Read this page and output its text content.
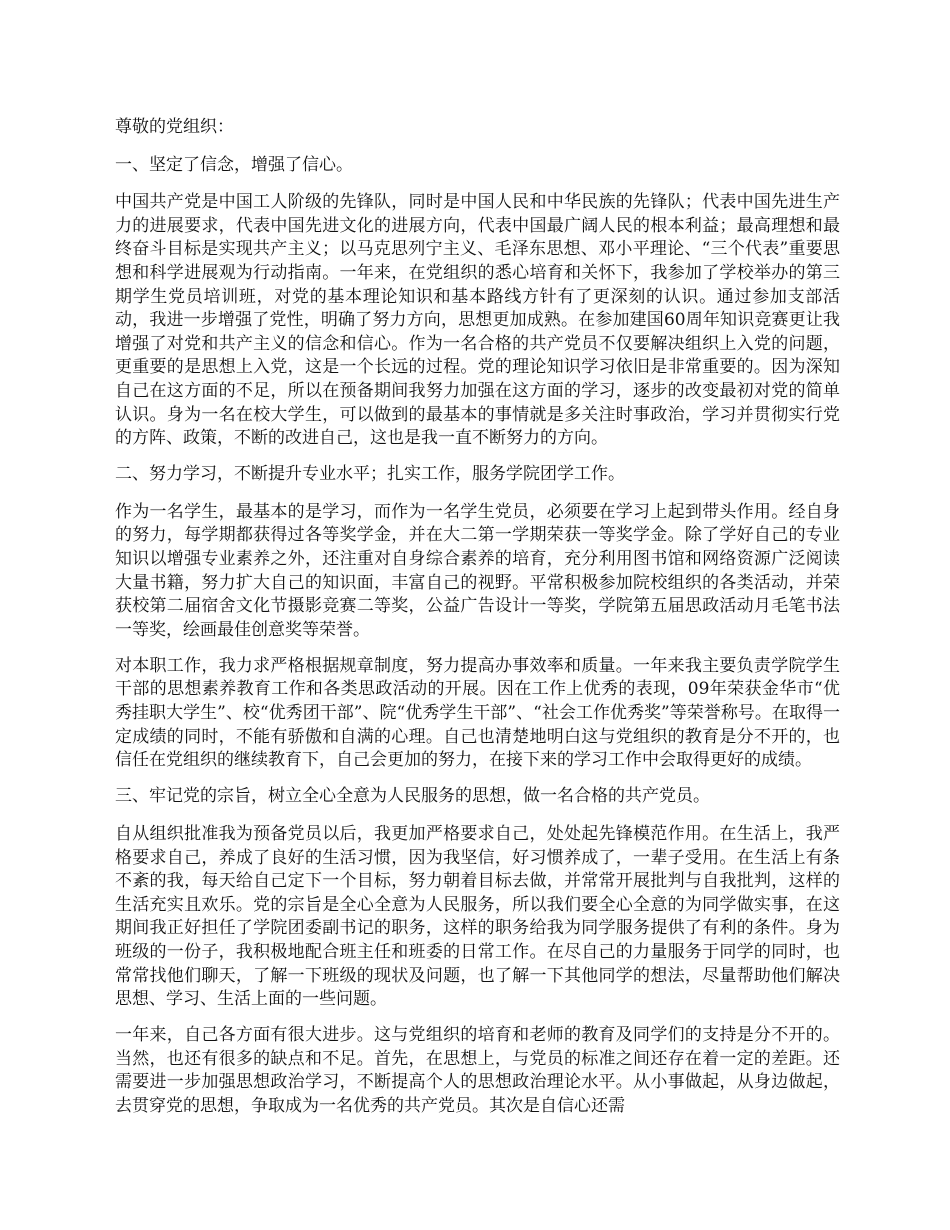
尊敬的党组织：

一、坚定了信念，增强了信心。

中国共产党是中国工人阶级的先锋队，同时是中国人民和中华民族的先锋队；代表中国先进生产力的进展要求，代表中国先进文化的进展方向，代表中国最广阔人民的根本利益；最高理想和最终奋斗目标是实现共产主义；以马克思列宁主义、毛泽东思想、邓小平理论、“三个代表”重要思想和科学进展观为行动指南。一年来，在党组织的悉心培育和关怀下，我参加了学校举办的第三期学生党员培训班，对党的基本理论知识和基本路线方针有了更深刻的认识。通过参加支部活动，我进一步增强了党性，明确了努力方向，思想更加成熟。在参加建国60周年知识竞赛更让我增强了对党和共产主义的信念和信心。作为一名合格的共产党员不仅要解决组织上入党的问题，更重要的是思想上入党，这是一个长远的过程。党的理论知识学习依旧是非常重要的。因为深知自己在这方面的不足，所以在预备期间我努力加强在这方面的学习，逐步的改变最初对党的简单认识。身为一名在校大学生，可以做到的最基本的事情就是多关注时事政治，学习并贯彻实行党的方阵、政策，不断的改进自己，这也是我一直不断努力的方向。

二、努力学习，不断提升专业水平；扎实工作，服务学院团学工作。

作为一名学生，最基本的是学习，而作为一名学生党员，必须要在学习上起到带头作用。经自身的努力，每学期都获得过各等奖学金，并在大二第一学期荣获一等奖学金。除了学好自己的专业知识以增强专业素养之外，还注重对自身综合素养的培育，充分利用图书馆和网络资源广泛阅读大量书籍，努力扩大自己的知识面，丰富自己的视野。平常积极参加院校组织的各类活动，并荣获校第二届宿舍文化节摄影竞赛二等奖，公益广告设计一等奖，学院第五届思政活动月毛笔书法一等奖，绘画最佳创意奖等荣誉。

对本职工作，我力求严格根据规章制度，努力提高办事效率和质量。一年来我主要负责学院学生干部的思想素养教育工作和各类思政活动的开展。因在工作上优秀的表现，09年荣获金华市“优秀挂职大学生”、校“优秀团干部”、院“优秀学生干部”、“社会工作优秀奖”等荣誉称号。在取得一定成绩的同时，不能有骄傲和自满的心理。自己也清楚地明白这与党组织的教育是分不开的，也信任在党组织的继续教育下，自己会更加的努力，在接下来的学习工作中会取得更好的成绩。

三、牢记党的宗旨，树立全心全意为人民服务的思想，做一名合格的共产党员。

自从组织批准我为预备党员以后，我更加严格要求自己，处处起先锋模范作用。在生活上，我严格要求自己，养成了良好的生活习惯，因为我坚信，好习惯养成了，一辈子受用。在生活上有条不紊的我，每天给自己定下一个目标，努力朝着目标去做，并常常开展批判与自我批判，这样的生活充实且欢乐。党的宗旨是全心全意为人民服务，所以我们要全心全意的为同学做实事，在这期间我正好担任了学院团委副书记的职务，这样的职务给我为同学服务提供了有利的条件。身为班级的一份子，我积极地配合班主任和班委的日常工作。在尽自己的力量服务于同学的同时，也常常找他们聊天，了解一下班级的现状及问题，也了解一下其他同学的想法，尽量帮助他们解决思想、学习、生活上面的一些问题。

一年来，自己各方面有很大进步。这与党组织的培育和老师的教育及同学们的支持是分不开的。当然，也还有很多的缺点和不足。首先，在思想上，与党员的标准之间还存在着一定的差距。还需要进一步加强思想政治学习，不断提高个人的思想政治理论水平。从小事做起，从身边做起，去贯穿党的思想，争取成为一名优秀的共产党员。其次是自信心还需
